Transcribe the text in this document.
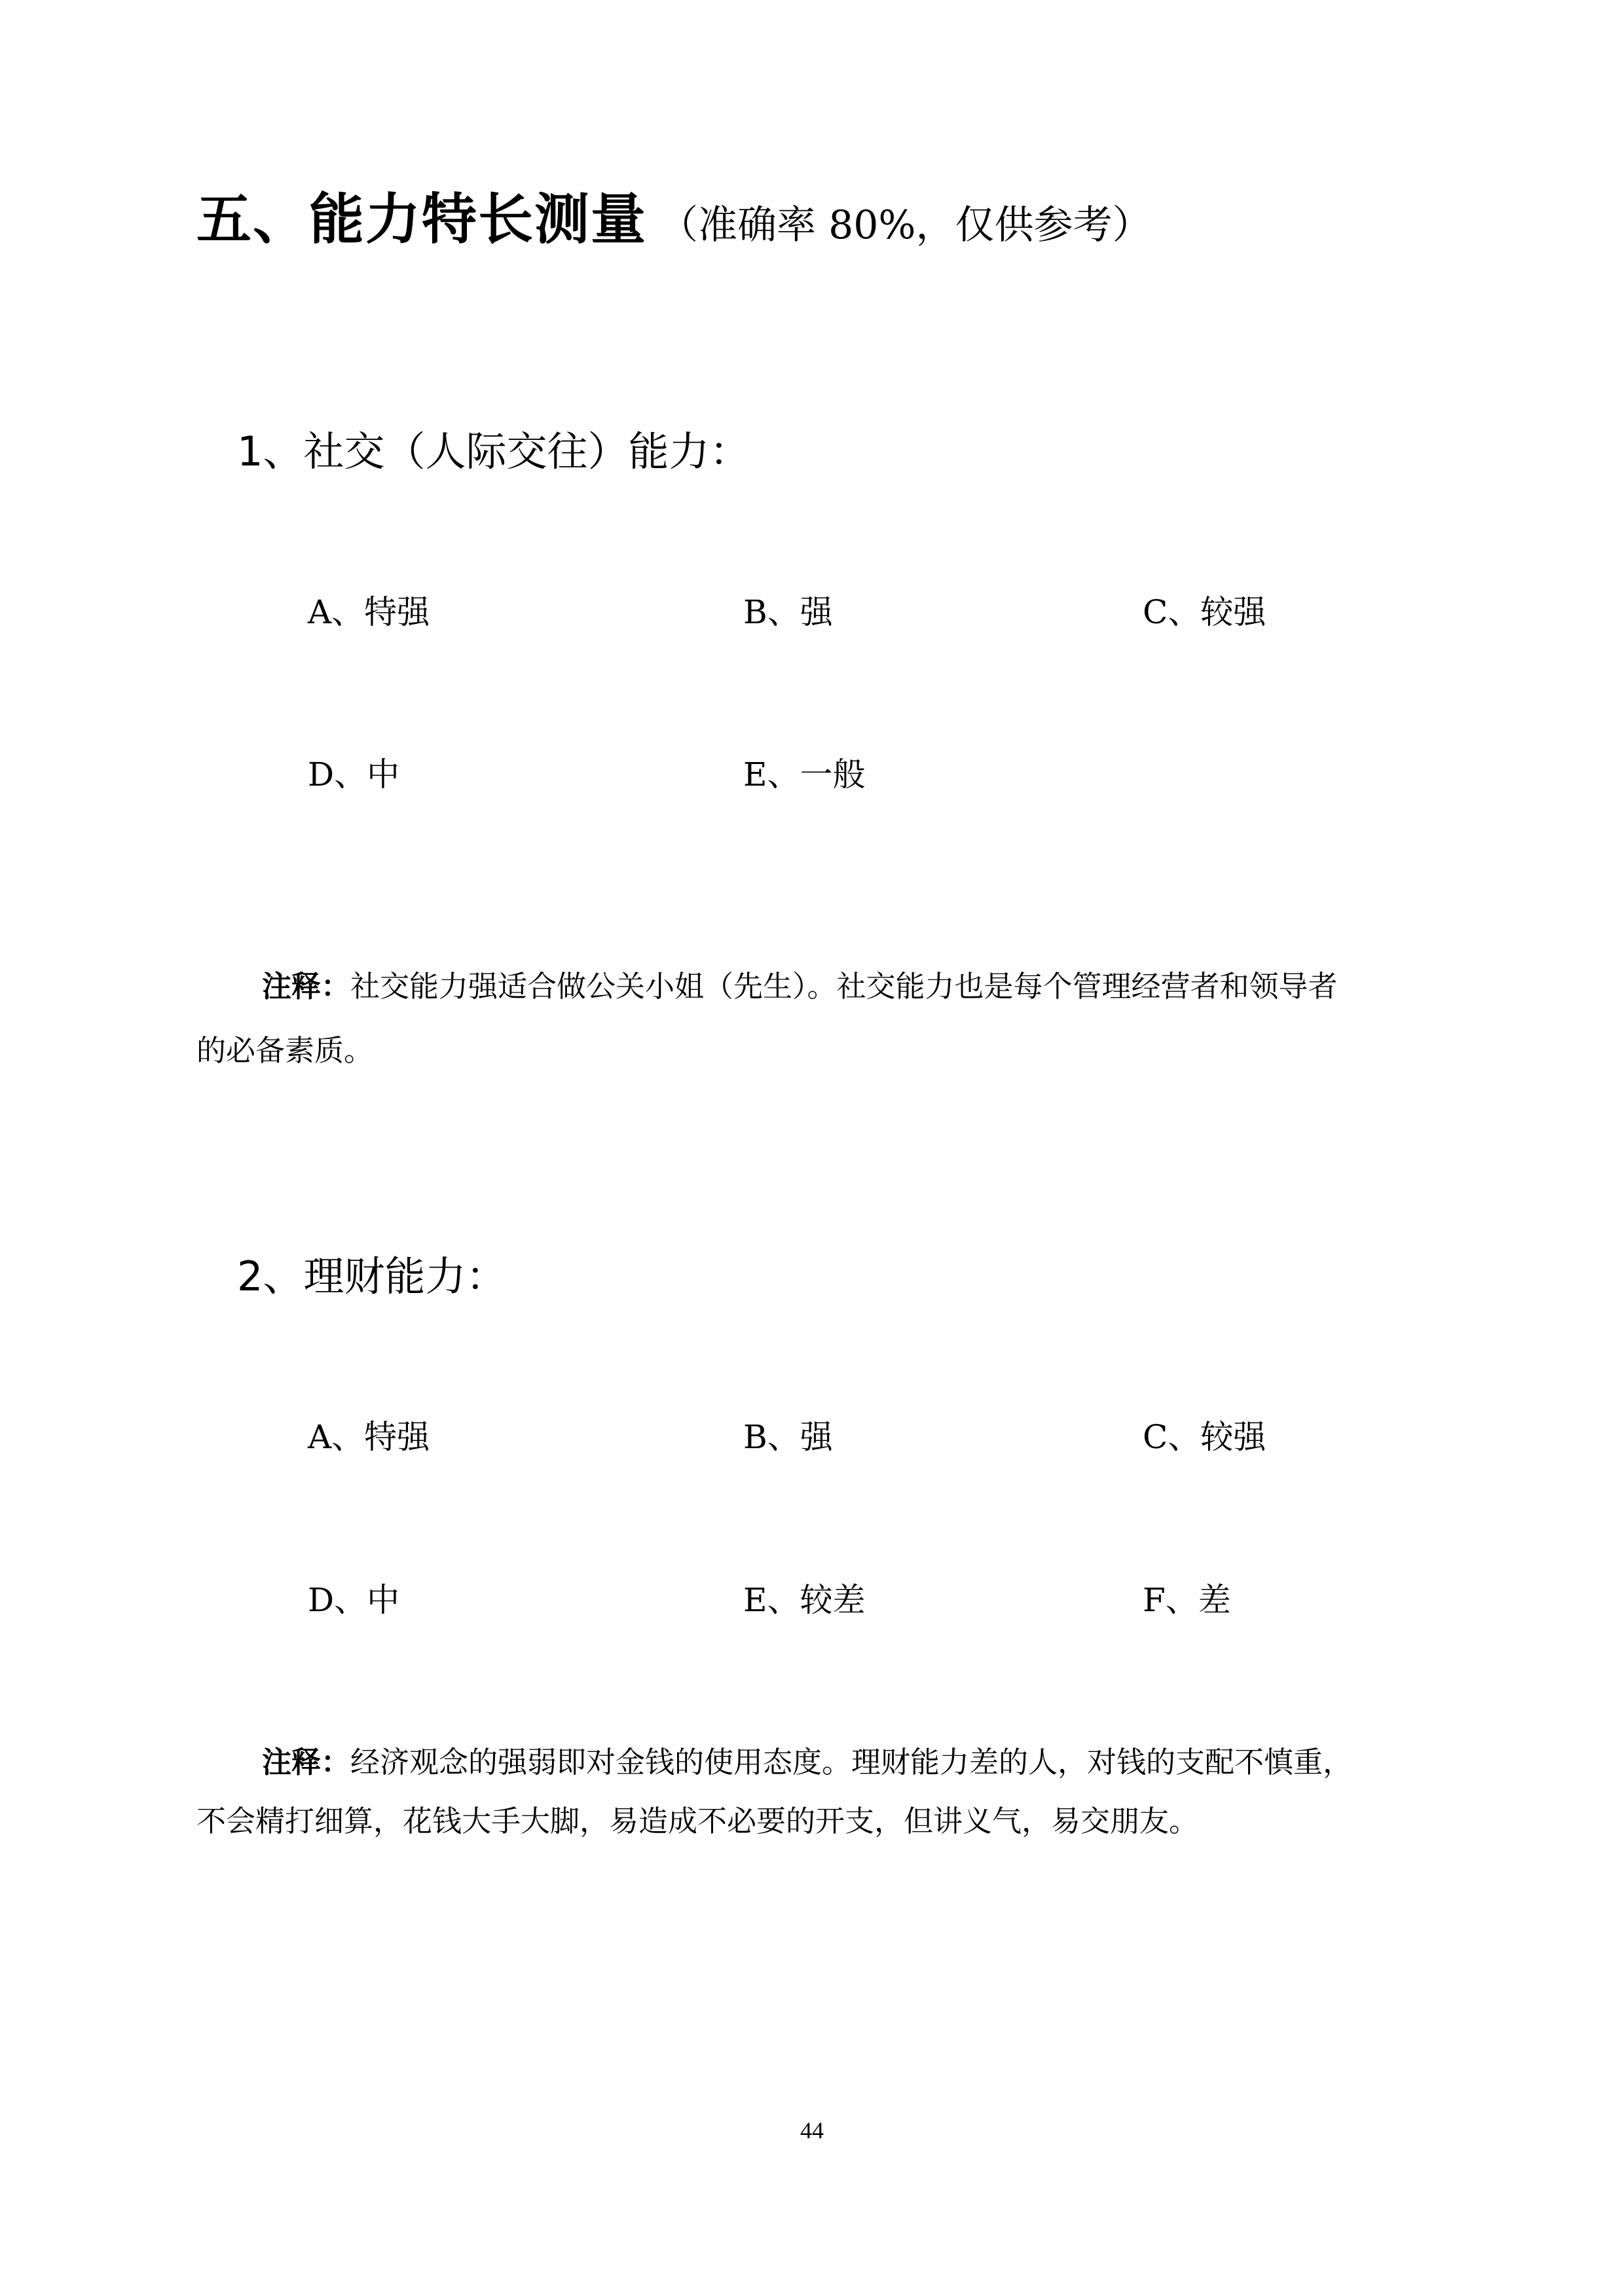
五、能力特长测量 （准确率 80%，仅供参考）
1、社交（人际交往）能力：
A、特强	B、强	C、较强
D、中	E、一般
注释：社交能力强适合做公关小姐（先生）。社交能力也是每个管理经营者和领导者
的必备素质。
2、理财能力：
A、特强	B、强	C、较强
D、中	E、较差	F、差
注释：经济观念的强弱即对金钱的使用态度。理财能力差的人，对钱的支配不慎重，
不会精打细算，花钱大手大脚，易造成不必要的开支，但讲义气，易交朋友。
44
